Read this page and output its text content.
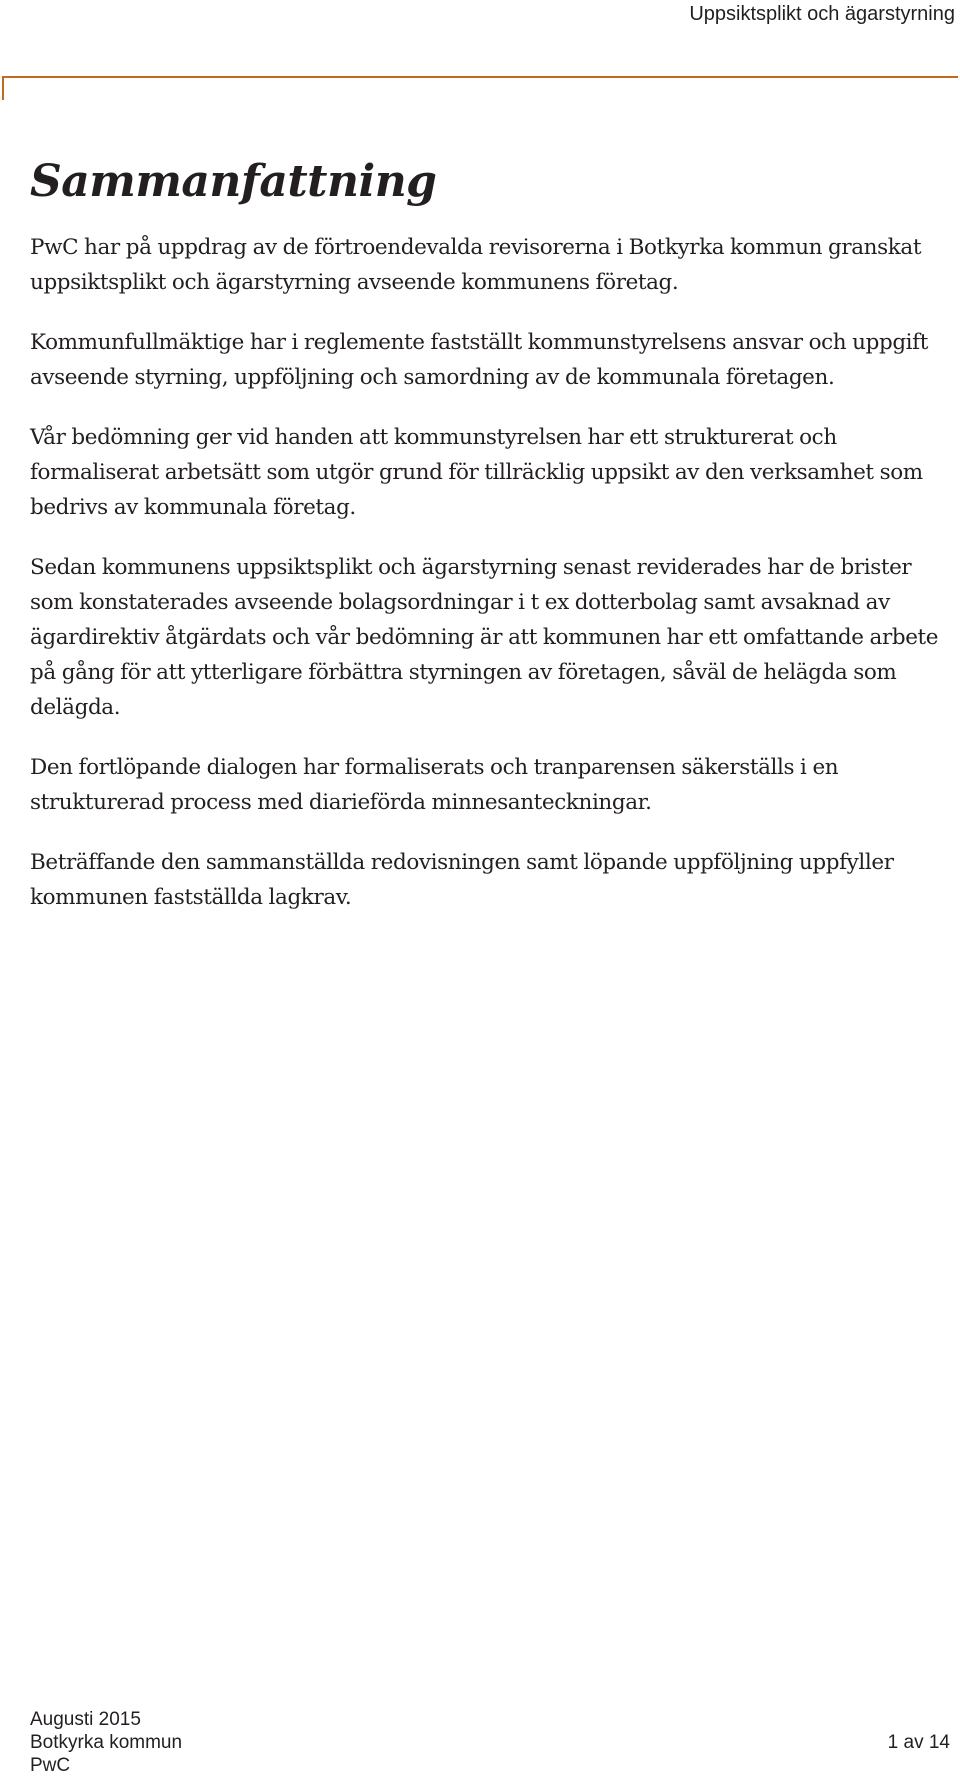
Uppsiktsplikt och ägarstyrning
Sammanfattning

PwC har på uppdrag av de förtroendevalda revisorerna i Botkyrka kommun granskat uppsiktsplikt och ägarstyrning avseende kommunens företag.

Kommunfullmäktige har i reglemente fastställt kommunstyrelsens ansvar och uppgift avseende styrning, uppföljning och samordning av de kommunala företagen.

Vår bedömning ger vid handen att kommunstyrelsen har ett strukturerat och formaliserat arbetsätt som utgör grund för tillräcklig uppsikt av den verksamhet som bedrivs av kommunala företag.

Sedan kommunens uppsiktsplikt och ägarstyrning senast reviderades har de brister som konstaterades avseende bolagsordningar i t ex dotterbolag samt avsaknad av ägardirektiv åtgärdats och vår bedömning är att kommunen har ett omfattande arbete på gång för att ytterligare förbättra styrningen av företagen, såväl de helägda som delägda.

Den fortlöpande dialogen har formaliserats och tranparensen säkerställs i en strukturerad process med diarieförda minnesanteckningar.

Beträffande den sammanställda redovisningen samt löpande uppföljning uppfyller kommunen fastställda lagkrav.

Augusti 2015
Botkyrka kommun	1 av 14
PwC
